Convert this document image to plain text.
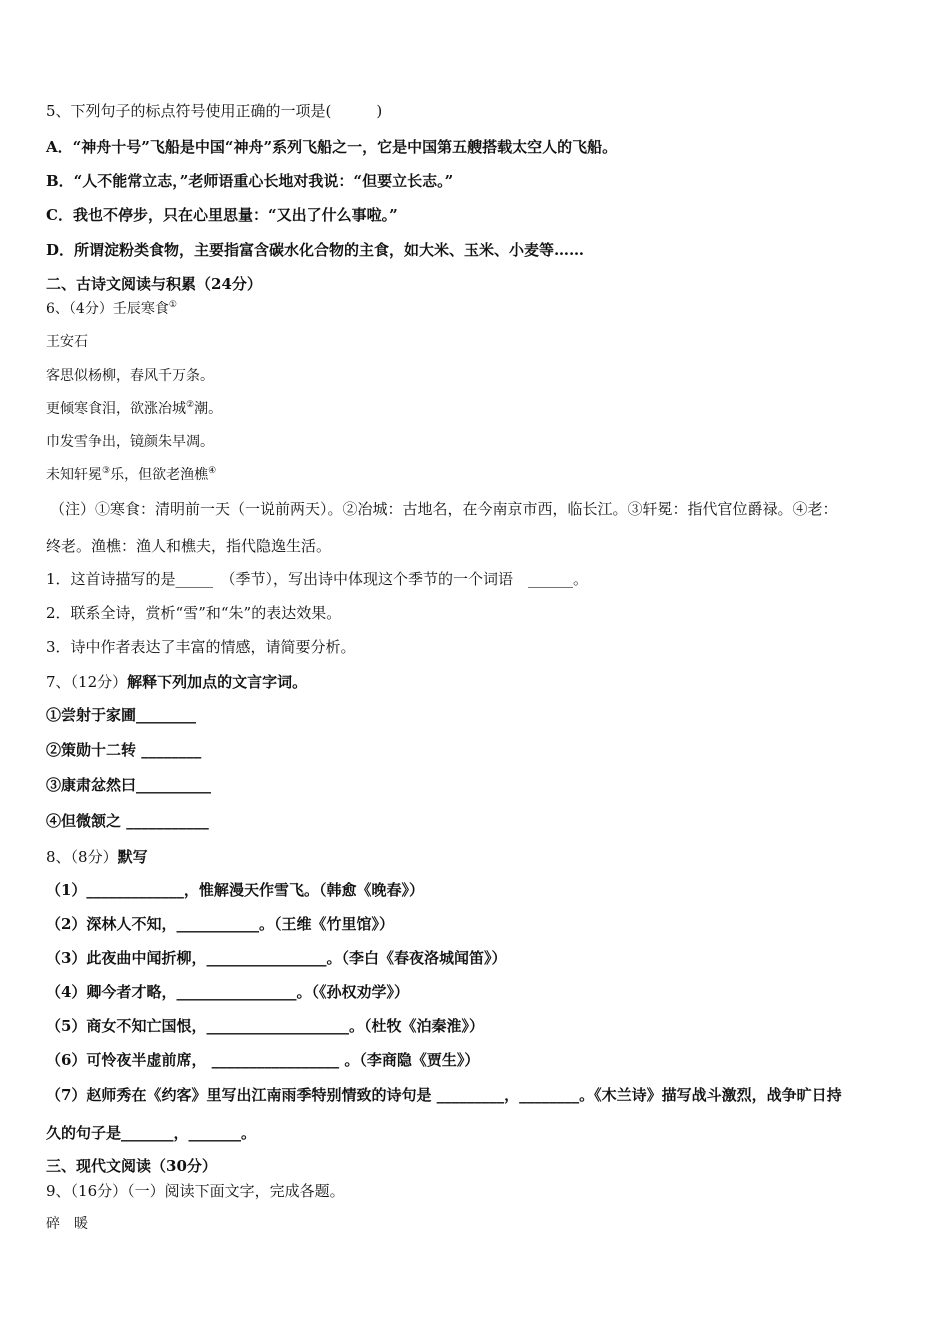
5、下列句子的标点符号使用正确的一项是(　　　)
A．“神舟十号”飞船是中国“神舟”系列飞船之一，它是中国第五艘搭载太空人的飞船。
B．“人不能常立志，”老师语重心长地对我说：“但要立长志。”
C．我也不停步，只在心里思量：“又出了什么事啦。”
D．所谓淀粉类食物，主要指富含碳水化合物的主食，如大米、玉米、小麦等……
二、古诗文阅读与积累（24分）
6、（4分）壬辰寒食①
王安石
客思似杨柳，春风千万条。
更倾寒食泪，欲涨冶城②潮。
巾发雪争出，镜颜朱早凋。
未知轩冕③乐，但欲老渔樵④
（注）①寒食：清明前一天（一说前两天）。②冶城：古地名，在今南京市西，临长江。③轩冕：指代官位爵禄。④老：
终老。渔樵：渔人和樵夫，指代隐逸生活。
1．这首诗描写的是_____　（季节），写出诗中体现这个季节的一个词语　______。
2．联系全诗，赏析“雪”和“朱”的表达效果。
3．诗中作者表达了丰富的情感，请简要分析。
7、（12分）解释下列加点的文言字词。
①尝射于家圃________
②策勋十二转 ________
③康肃忿然曰__________
④但微颔之 ___________
8、（8分）默写
（1）_____________，惟解漫天作雪飞。（韩愈《晚春》）
（2）深林人不知，___________。（王维《竹里馆》）
（3）此夜曲中闻折柳，________________。（李白《春夜洛城闻笛》）
（4）卿今者才略，________________。（《孙权劝学》）
（5）商女不知亡国恨，___________________。（杜牧《泊秦淮》）
（6）可怜夜半虚前席， _________________ 。（李商隐《贾生》）
（7）赵师秀在《约客》里写出江南雨季特别情致的诗句是 _________，________。《木兰诗》描写战斗激烈，战争旷日持
久的句子是_______，_______。
三、现代文阅读（30分）
9、（16分）（一）阅读下面文字，完成各题。
碎　暖
